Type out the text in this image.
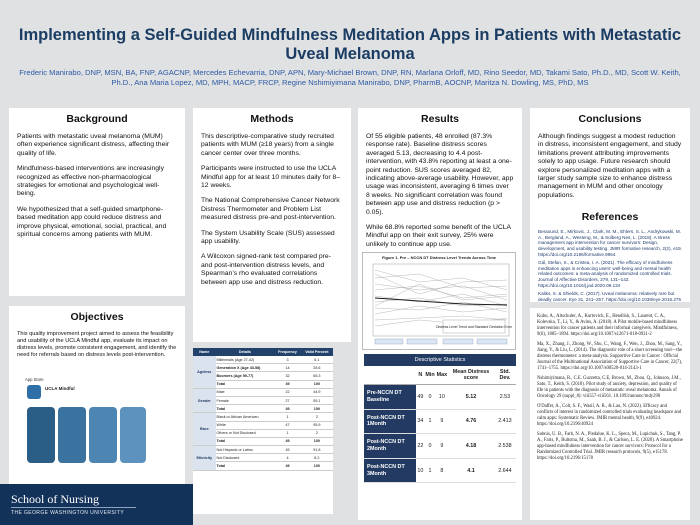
Implementing a Self-Guided Mindfulness Meditation Apps in Patients with Metastatic Uveal Melanoma
Frederic Manirabo, DNP, MSN, BA, FNP, AGACNP, Mercedes Echevarria, DNP, APN, Mary-Michael Brown, DNP, RN, Marlana Orloff, MD, Rino Seedor, MD, Takami Sato, Ph.D., MD, Scott W. Keith, Ph.D., Ana Maria Lopez, MD, MPH, MACP, FRCP, Regine Nshimiyimana Manirabo, DNP, PharmB, AOCNP, Maritza N. Dowling, MS, PhD, MS
Background

Patients with metastatic uveal melanoma (MUM) often experience significant distress, affecting their quality of life.

Mindfulness-based interventions are increasingly recognized as effective non-pharmacological strategies for emotional and psychological well-being.

We hypothesized that a self-guided smartphone-based meditation app could reduce distress and improve physical, emotional, social, practical, and spiritual concerns among patients with MUM.

Objectives

This quality improvement project aimed to assess the feasibility and usability of the UCLA Mindful app, evaluate its impact on distress levels, promote consistent engagement, and identify the need for referrals based on distress levels post-intervention.

App Store
UCLA Mindful
School of Nursing
THE GEORGE WASHINGTON UNIVERSITY
Methods

This descriptive-comparative study recruited patients with MUM (≥18 years) from a single cancer center over three months.

Participants were instructed to use the UCLA Mindful app for at least 10 minutes daily for 8–12 weeks.

The National Comprehensive Cancer Network Distress Thermometer and Problem List measured distress pre-and post-intervention.

The System Usability Scale (SUS) assessed app usability.

A Wilcoxon signed-rank test compared pre- and post-intervention distress levels, and Spearman’s rho evaluated correlations between app use and distress reduction.

Name	Details	Frequency	Valid Percent
Ageless	Millennials (Age 27-42)	3	6.1
	Generation X (Age 43-58)	14	28.6
	Boomers (Age 59-77)	32	65.3
	Total	49	100
Gender	Male	22	44.9
	Female	27	55.1
	Total	49	100
Race	Black or African American	1	2
	White	47	95.9
	Others or Not Disclosed	1	2
	Total	49	100
Ethnicity	Not Hispanic or Latino	45	91.8
	Not Disclosed	4	8.2
	Total	49	100
Results

Of 55 eligible patients, 48 enrolled (87.3% response rate). Baseline distress scores averaged 5.13, decreasing to 4.4 post-intervention, with 43.8% reporting at least a one-point reduction. SUS scores averaged 82, indicating above-average usability. However, app usage was inconsistent, averaging 6 times over 8 weeks. No significant correlation was found between app use and distress reduction (p > 0.05).

While 68.8% reported some benefit of the UCLA Mindful app on their exit survey, 25% were unlikely to continue app use.

Figure 1. Pre – NCCN DT Distress Level Trends Across Time
Distress Level Trend and Standard Deviation Error
Descriptive Statistics
	N	Min	Max	Mean Distress score	Std. Dev.
Pre-NCCN DT Baseline	49	0	10	5.12	2.53
Post-NCCN DT 1Month	34	1	9	4.76	2.413
Post-NCCN DT 2Month	22	0	9	4.18	2.538
Post-NCCN DT 3Month	10	1	8	4.1	2.644
Conclusions

Although findings suggest a modest reduction in distress, inconsistent engagement, and study limitations prevent attributing improvements solely to app usage. Future research should explore personalized meditation apps with a larger study sample size to enhance distress management in MUM and other oncology populations.

References
Beraound, E., Mirkovic, J., Clark, M. M., Ehlers, S. L., Andrykowski, M. A., Bergland, A., Westeng, M., & Solberg Nes, L. (2018). A stress management app intervention for cancer survivors: Design, development, and usability testing. JMIR formative research, 2(2), e19. https://doi.org/10.2196/formative.9954
Gál, Stefan, S., & Cristea, I. A. (2021). The efficacy of mindfulness meditation apps in enhancing users’ well-being and mental health related outcomes: a meta-analysis of randomized controlled trials. Journal of Affective Disorders, 279, 131–142. https://doi.org/10.1016/j.jad.2020.09.134
Kaliks, S. & Shields, C. (2017). Uveal melanoma: relatively rare but deadly cancer. Eye 31, 241–257. https://doi.org/10.1038/eye.2016.275
Kubo, A., Altschuler, A., Kurtovich, E., Hendlish, S., Laurent, C. A., Kolevska, T., Li, Y., & Avins, A. (2018). A Pilot mobile-based mindfulness intervention for cancer patients and their informal caregivers. Mindfulness, 9(6), 1885–1894. https://doi.org/10.1007/s12671-018-0931-2
Ma, X., Zhang, J., Zhong, W., Shu, C., Wang, F., Wen, J., Zhou, M., Sang, Y., Jiang, Y., & Liu, L. (2014). The diagnostic role of a short screening tool—the distress thermometer: a meta-analysis. Supportive Care in Cancer : Official Journal of the Multinational Association of Supportive Care in Cancer, 22(7), 1741–1755. https://doi.org/10.1007/s00520-014-2143-1
Nshimiyimana, R., C.E. Guzzetta, C.E, Brown, M., Zhou, Q., Johnson, J.M., Sato, T., Keith, S. (2018). Pilot study of anxiety, depression, and quality of life in patients with the diagnosis of metastatic uveal melanoma. Annals of Oncology 29 (suppl_8): viii557-viii561. 10.1093/annonc/mdy290
O'Daffer, A., Colt, S. F., Wasil, A. R., & Lau, N. (2022). Efficacy and conflicts of interest in randomized controlled trials evaluating headspace and calm apps: Systematic Review. JMIR mental health, 9(9), e40924. https://doi.org/10.2196/40924
Subnis, U. B., Farb, N. A., Piedalue, K. L., Speca, M., Lupichuk, S., Tang, P. A., Faris, P., Bultsma, M., Saab, B. J., & Carlson, L. E. (2020). A Smartphone app-based mindfulness intervention for cancer survivors: Protocol for a Randomized Controlled Trial. JMIR research protocols, 9(5), e15178. https://doi.org/10.2196/15178
